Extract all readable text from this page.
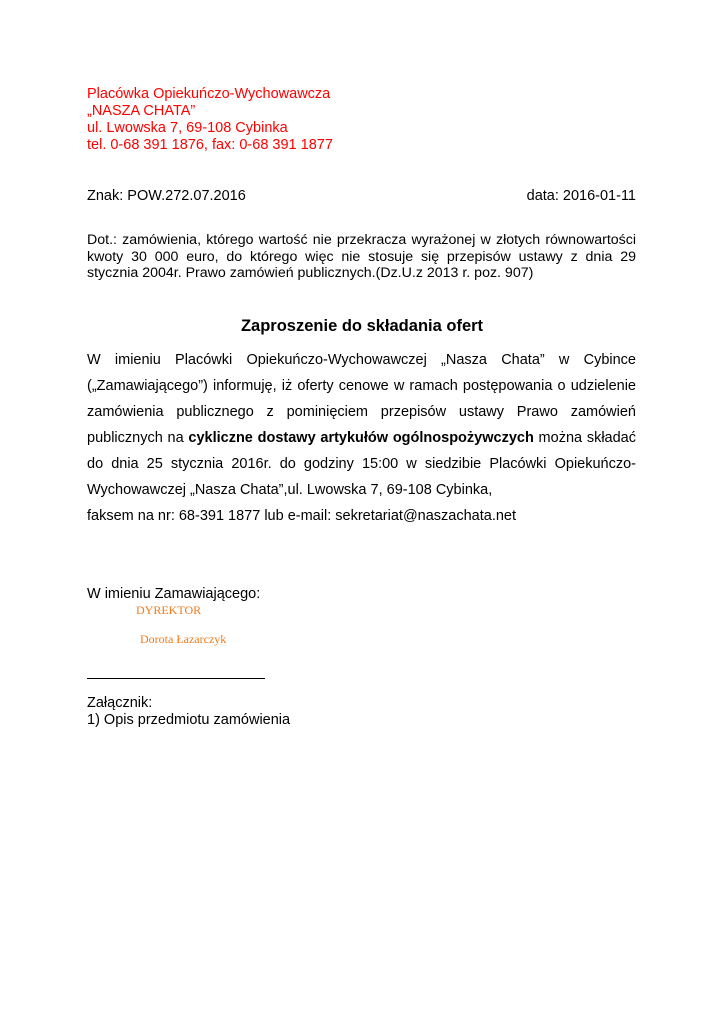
Placówka Opiekuńczo-Wychowawcza
„NASZA CHATA”
ul. Lwowska 7, 69-108 Cybinka
tel. 0-68 391 1876, fax: 0-68 391 1877
Znak: POW.272.07.2016	data: 2016-01-11
Dot.: zamówienia, którego wartość nie przekracza wyrażonej w złotych równowartości kwoty 30 000 euro, do którego więc nie stosuje się przepisów ustawy z dnia 29 stycznia 2004r. Prawo zamówień publicznych.(Dz.U.z 2013 r. poz. 907)
Zaproszenie do składania ofert
W imieniu Placówki Opiekuńczo-Wychowawczej „Nasza Chata” w Cybince („Zamawiającego”) informuję, iż oferty cenowe w ramach postępowania o udzielenie zamówienia publicznego z pominięciem przepisów ustawy Prawo zamówień publicznych na cykliczne dostawy artykułów ogólnospożywczych można składać do dnia 25 stycznia 2016r. do godziny 15:00 w siedzibie Placówki Opiekuńczo-Wychowawczej „Nasza Chata”,ul. Lwowska 7, 69-108 Cybinka,
faksem na nr: 68-391 1877 lub e-mail: sekretariat@naszachata.net
W imieniu Zamawiającego:
DYREKTOR
Dorota Łazarczyk
Załącznik:
1) Opis przedmiotu zamówienia
